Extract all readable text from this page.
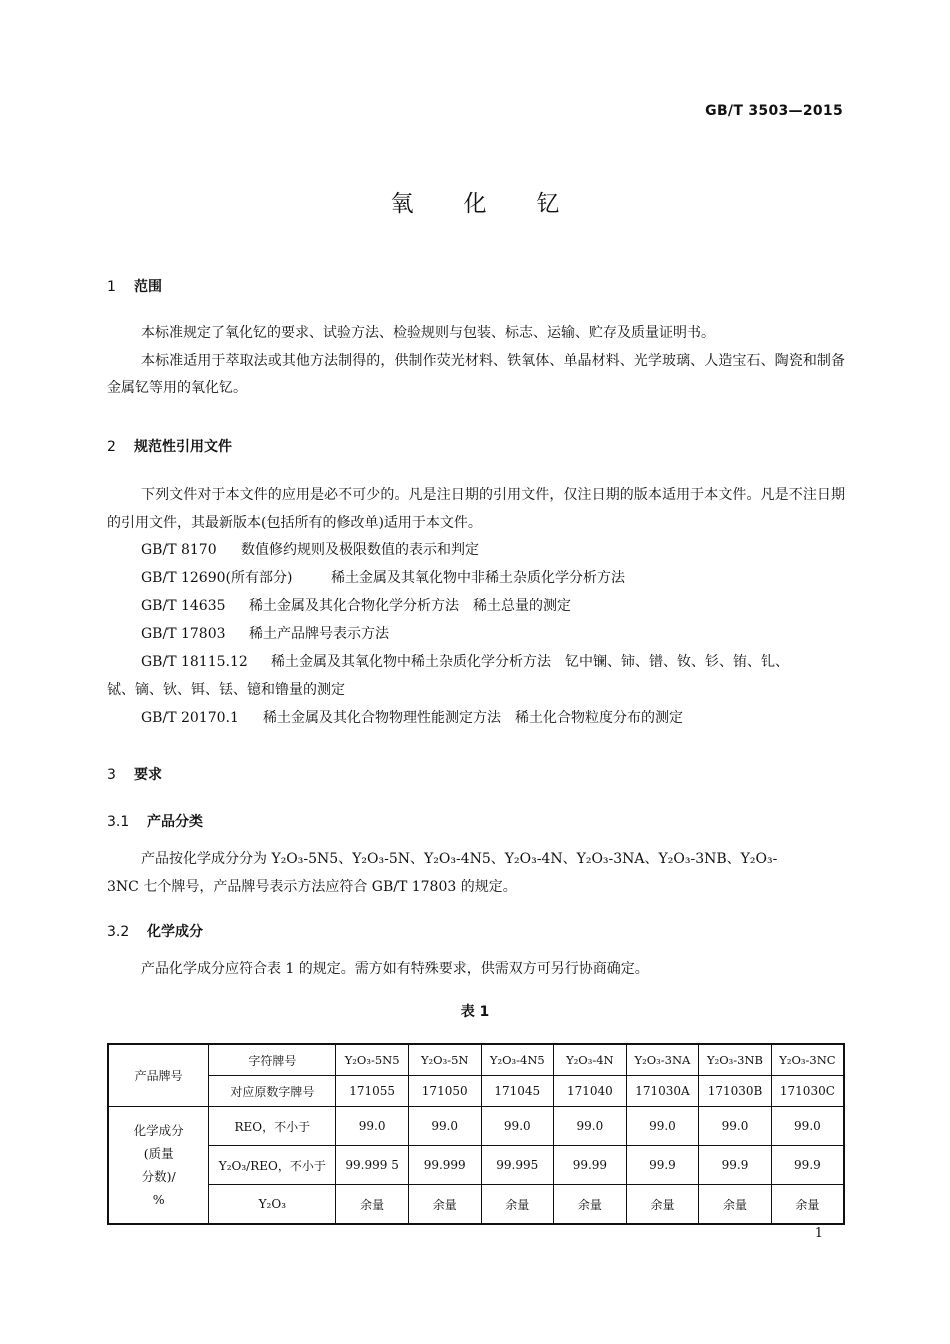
GB/T 3503—2015
氧化钇
1 范围

本标准规定了氧化钇的要求、试验方法、检验规则与包装、标志、运输、贮存及质量证明书。

本标准适用于萃取法或其他方法制得的，供制作荧光材料、铁氧体、单晶材料、光学玻璃、人造宝石、陶瓷和制备金属钇等用的氧化钇。

2 规范性引用文件

下列文件对于本文件的应用是必不可少的。凡是注日期的引用文件，仅注日期的版本适用于本文件。凡是不注日期的引用文件，其最新版本(包括所有的修改单)适用于本文件。

GB/T 8170 数值修约规则及极限数值的表示和判定
GB/T 12690(所有部分)	稀土金属及其氧化物中非稀土杂质化学分析方法
GB/T 14635 稀土金属及其化合物化学分析方法　稀土总量的测定
GB/T 17803 稀土产品牌号表示方法
GB/T 18115.12 稀土金属及其氧化物中稀土杂质化学分析方法　钇中镧、铈、镨、钕、钐、铕、钆、
铽、镝、钬、铒、铥、镱和镥量的测定
GB/T 20170.1 稀土金属及其化合物物理性能测定方法　稀土化合物粒度分布的测定
3 要求
3.1 产品分类

产品按化学成分分为 Y₂O₃-5N5、Y₂O₃-5N、Y₂O₃-4N5、Y₂O₃-4N、Y₂O₃-3NA、Y₂O₃-3NB、Y₂O₃-

3NC 七个牌号，产品牌号表示方法应符合 GB/T 17803 的规定。

3.2 化学成分

产品化学成分应符合表 1 的规定。需方如有特殊要求，供需双方可另行协商确定。

表 1
产品牌号	字符牌号	Y₂O₃-5N5	Y₂O₃-5N	Y₂O₃-4N5	Y₂O₃-4N	Y₂O₃-3NA	Y₂O₃-3NB	Y₂O₃-3NC
	对应原数字牌号	171055	171050	171045	171040	171030A	171030B	171030C

化学成分
(质量
分数)/
%	REO，不小于	99.0	99.0	99.0	99.0	99.0	99.0	99.0
	Y₂O₃/REO，不小于	99.999 5	99.999	99.995	99.99	99.9	99.9	99.9
	Y₂O₃	余量	余量	余量	余量	余量	余量	余量
1
